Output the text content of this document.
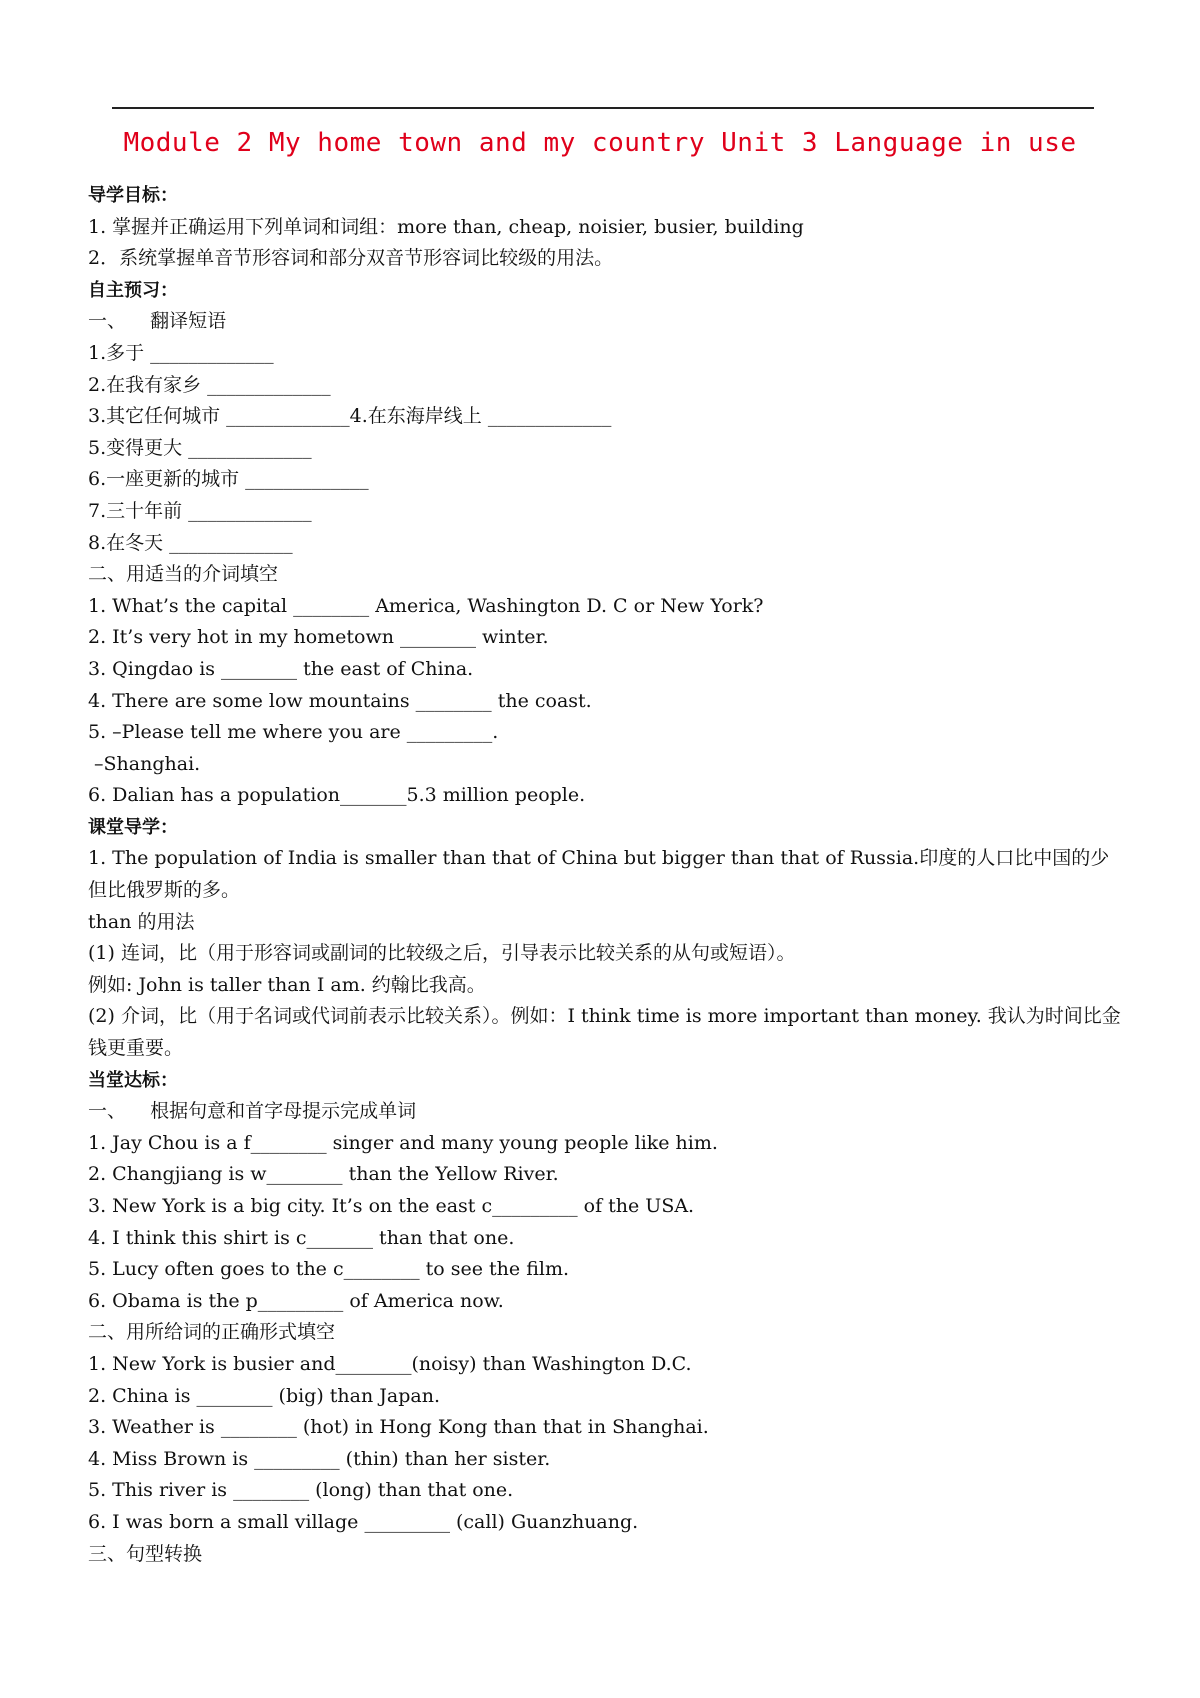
Module 2 My home town and my country Unit 3 Language in use
导学目标：
1. 掌握并正确运用下列单词和词组：more than, cheap, noisier, busier, building
2．系统掌握单音节形容词和部分双音节形容词比较级的用法。
自主预习：
一、    翻译短语
1.多于 _____________
2.在我有家乡 _____________
3.其它任何城市 _____________4.在东海岸线上 _____________
5.变得更大 _____________
6.一座更新的城市 _____________
7.三十年前 _____________
8.在冬天 _____________
二、用适当的介词填空
1. What’s the capital ________ America, Washington D. C or New York?
2. It’s very hot in my hometown ________ winter.
3. Qingdao is ________ the east of China.
4. There are some low mountains ________ the coast.
5. –Please tell me where you are _________.
–Shanghai.
6. Dalian has a population_______5.3 million people.
课堂导学：
1. The population of India is smaller than that of China but bigger than that of Russia.印度的人口比中国的少但比俄罗斯的多。
than 的用法
(1) 连词，比（用于形容词或副词的比较级之后，引导表示比较关系的从句或短语）。
例如: John is taller than I am. 约翰比我高。
(2) 介词，比（用于名词或代词前表示比较关系）。例如：I think time is more important than money. 我认为时间比金钱更重要。
当堂达标：
一、    根据句意和首字母提示完成单词
1. Jay Chou is a f________ singer and many young people like him.
2. Changjiang is w________ than the Yellow River.
3. New York is a big city. It’s on the east c_________ of the USA.
4. I think this shirt is c_______ than that one.
5. Lucy often goes to the c________ to see the film.
6. Obama is the p_________ of America now.
二、用所给词的正确形式填空
1. New York is busier and________(noisy) than Washington D.C.
2. China is ________ (big) than Japan.
3. Weather is ________ (hot) in Hong Kong than that in Shanghai.
4. Miss Brown is _________ (thin) than her sister.
5. This river is ________ (long) than that one.
6. I was born a small village _________ (call) Guanzhuang.
三、句型转换
